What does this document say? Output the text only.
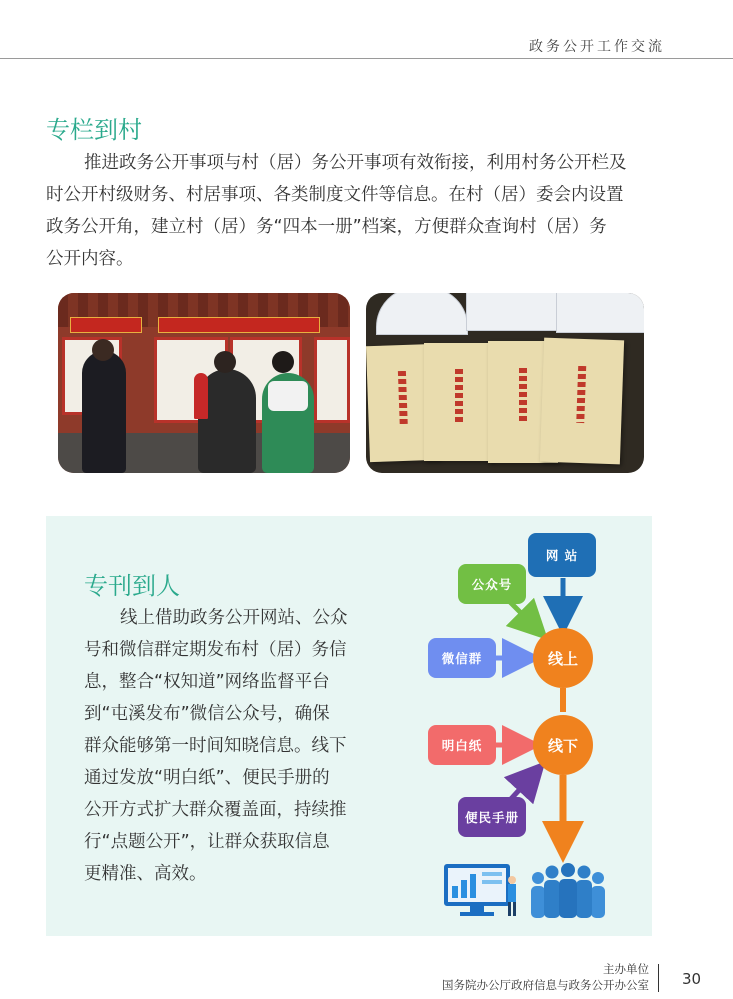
政务公开工作交流
专栏到村
推进政务公开事项与村（居）务公开事项有效衔接，利用村务公开栏及
时公开村级财务、村居事项、各类制度文件等信息。在村（居）委会内设置
政务公开角，建立村（居）务“四本一册”档案，方便群众查询村（居）务
公开内容。
专刊到人
线上借助政务公开网站、公众
号和微信群定期发布村（居）务信
息，整合“权知道”网络监督平台
到“屯溪发布”微信公众号，确保
群众能够第一时间知晓信息。线下
通过发放“明白纸”、便民手册的
公开方式扩大群众覆盖面，持续推
行“点题公开”，让群众获取信息
更精准、高效。
网 站
公众号
微信群	线上
明白纸	线下
便民手册
主办单位
国务院办公厅政府信息与政务公开办公室 30
